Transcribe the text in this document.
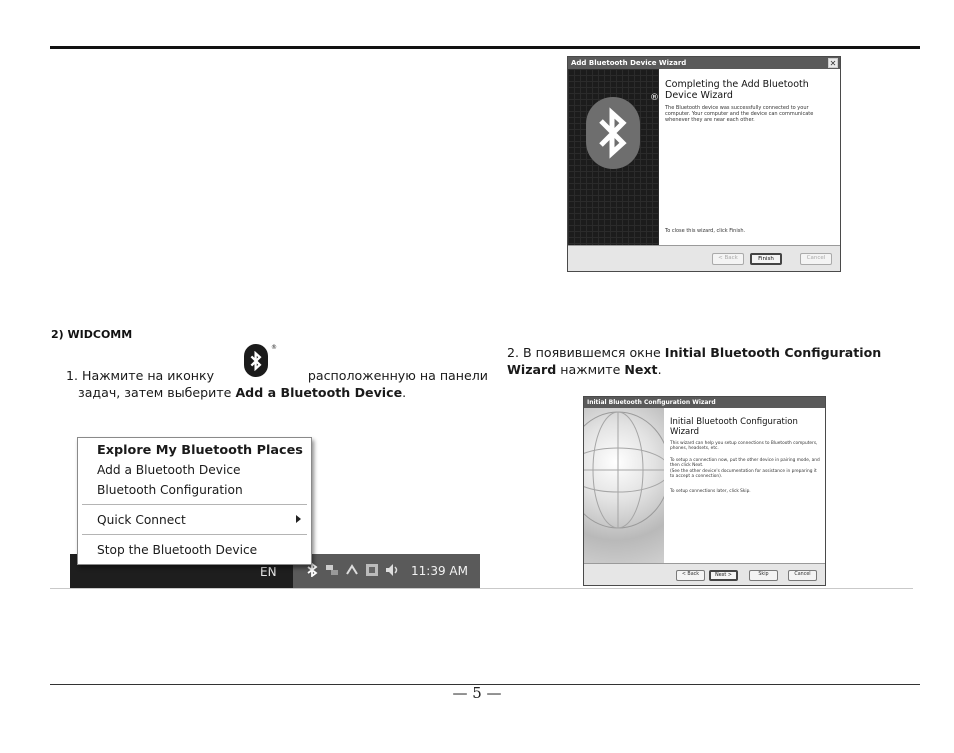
Add Bluetooth Device Wizard	✕
®
Completing the Add Bluetooth Device Wizard
The Bluetooth device was successfully connected to your computer. Your computer and the device can communicate whenever they are near each other.
To close this wizard, click Finish.
< Back	Finish	Cancel
2) WIDCOMM
®
1. Нажмите на иконку	расположенную на панели
задач, затем выберите Add a Bluetooth Device.
EN	11:39 AM
Explore My Bluetooth Places
Add a Bluetooth Device
Bluetooth Configuration
Quick Connect
Stop the Bluetooth Device
2. В появившемся окне Initial Bluetooth Configuration Wizard нажмите Next.
Initial Bluetooth Configuration Wizard
Initial Bluetooth Configuration Wizard
This wizard can help you setup connections to Bluetooth computers, phones, headsets, etc.
To setup a connection now, put the other device in pairing mode, and then click Next.
(See the other device's documentation for assistance in preparing it to accept a connection).
To setup connections later, click Skip.
< Back	Next >	Skip	Cancel
— 5 —
